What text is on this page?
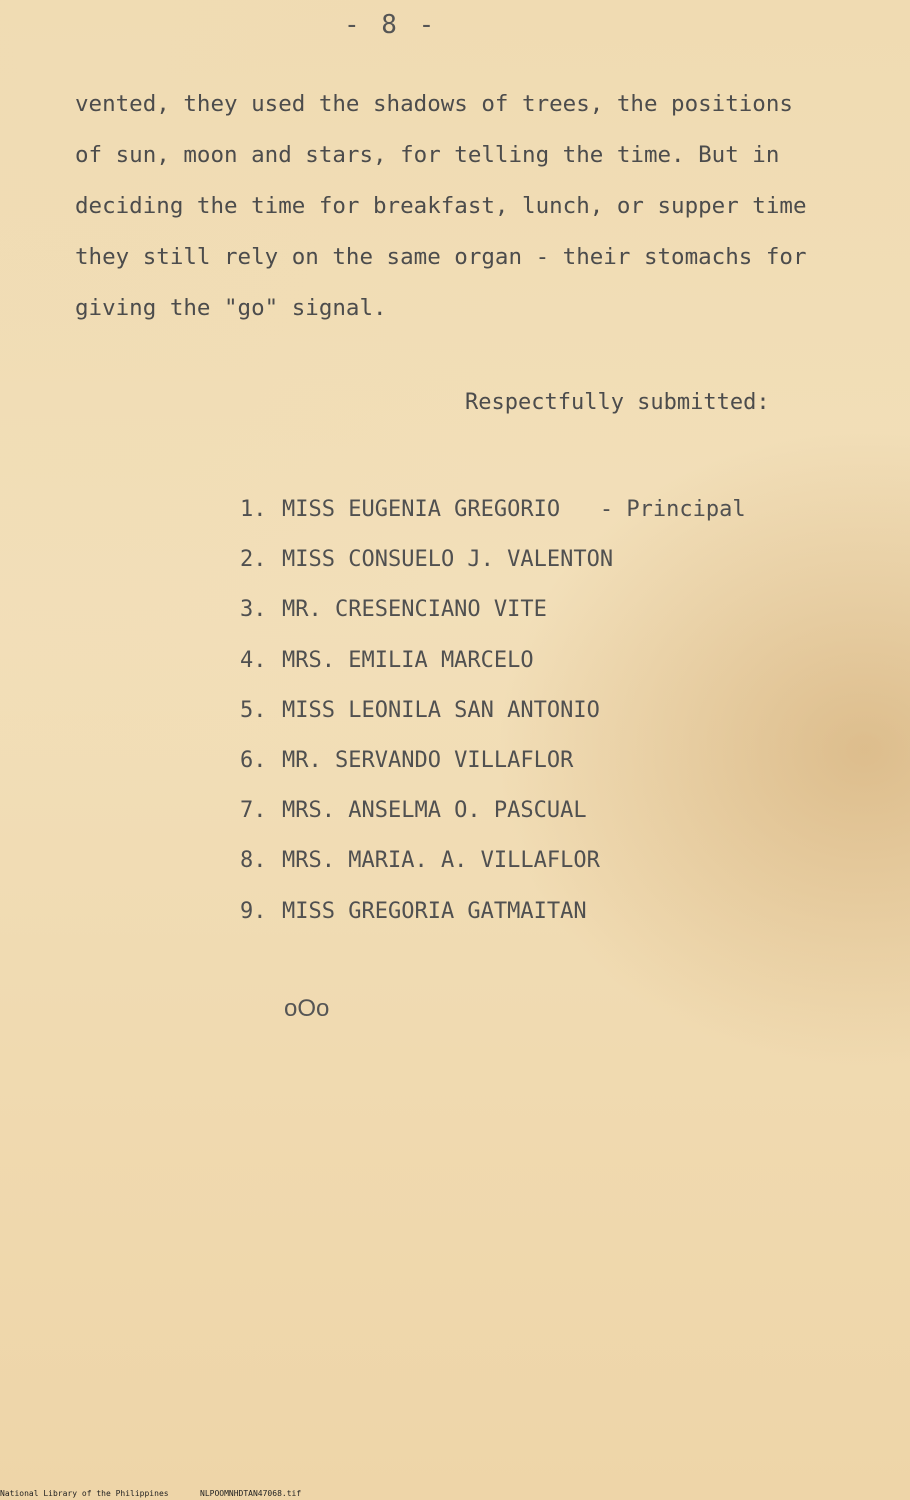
- 8 -
vented, they used the shadows of trees, the positions
of sun, moon and stars, for telling the time. But in
deciding the time for breakfast, lunch, or supper time
they still rely on the same organ - their stomachs for
giving the "go" signal.
Respectfully submitted:
1. MISS EUGENIA GREGORIO   - Principal
2. MISS CONSUELO J. VALENTON
3. MR. CRESENCIANO VITE
4. MRS. EMILIA MARCELO
5. MISS LEONILA SAN ANTONIO
6. MR. SERVANDO VILLAFLOR
7. MRS. ANSELMA O. PASCUAL
8. MRS. MARIA. A. VILLAFLOR
9. MISS GREGORIA GATMAITAN
oOo
National Library of the Philippines	NLPOOMNHDTAN47068.tif
